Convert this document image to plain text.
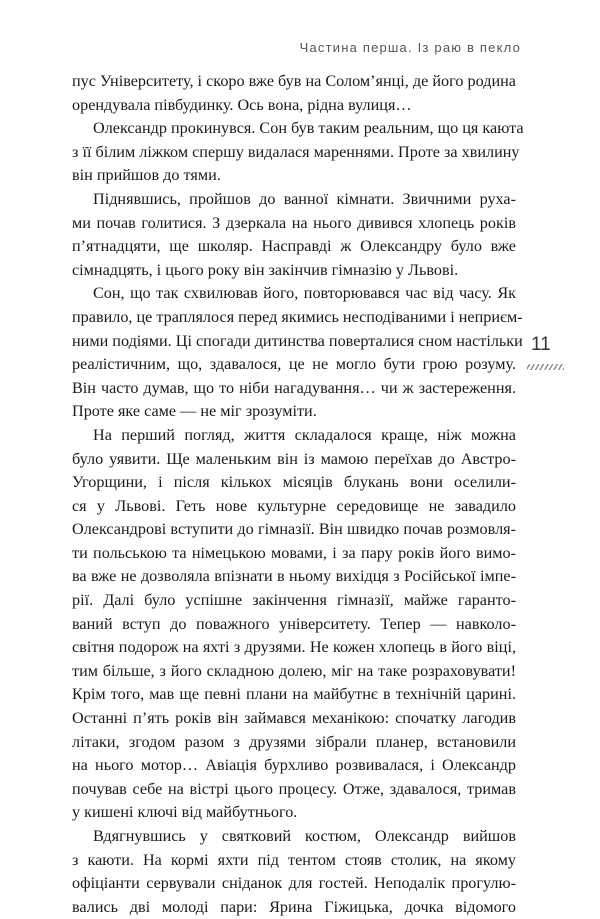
Частина перша. Із раю в пекло
пус Університету, і скоро вже був на Солом’янці, де його родина
орендувала півбудинку. Ось вона, рідна вулиця…
Олександр прокинувся. Сон був таким реальним, що ця каюта
з її білим ліжком спершу видалася мареннями. Проте за хвилину
він прийшов до тями.
Піднявшись, пройшов до ванної кімнати. Звичними руха-
ми почав голитися. З дзеркала на нього дивився хлопець років
п’ятнадцяти, ще школяр. Насправді ж Олександру було вже
сімнадцять, і цього року він закінчив гімназію у Львові.
Сон, що так схвилював його, повторювався час від часу. Як
правило, це траплялося перед якимись несподіваними і неприєм-
ними подіями. Ці спогади дитинства поверталися сном настільки
реалістичним, що, здавалося, це не могло бути грою розуму.
Він часто думав, що то ніби нагадування… чи ж застереження.
Проте яке саме — не міг зрозуміти.
На перший погляд, життя складалося краще, ніж можна
було уявити. Ще маленьким він із мамою переїхав до Австро-
Угорщини, і після кількох місяців блукань вони оселили-
ся у Львові. Геть нове культурне середовище не завадило
Олександрові вступити до гімназії. Він швидко почав розмовля-
ти польською та німецькою мовами, і за пару років його вимо-
ва вже не дозволяла впізнати в ньому вихідця з Російської імпе-
рії. Далі було успішне закінчення гімназії, майже гаранто-
ваний вступ до поважного університету. Тепер — навколо-
світня подорож на яхті з друзями. Не кожен хлопець в його віці,
тим більше, з його складною долею, міг на таке розраховувати!
Крім того, мав ще певні плани на майбутнє в технічній царині.
Останні п’ять років він займався механікою: спочатку лагодив
літаки, згодом разом з друзями зібрали планер, встановили
на нього мотор… Авіація бурхливо розвивалася, і Олександр
почував себе на вістрі цього процесу. Отже, здавалося, тримав
у кишені ключі від майбутнього.
Вдягнувшись у святковий костюм, Олександр вийшов
з каюти. На кормі яхти під тентом стояв столик, на якому
офіціанти сервували сніданок для гостей. Неподалік прогулю-
вались дві молоді пари: Ярина Гіжицька, дочка відомого
11
